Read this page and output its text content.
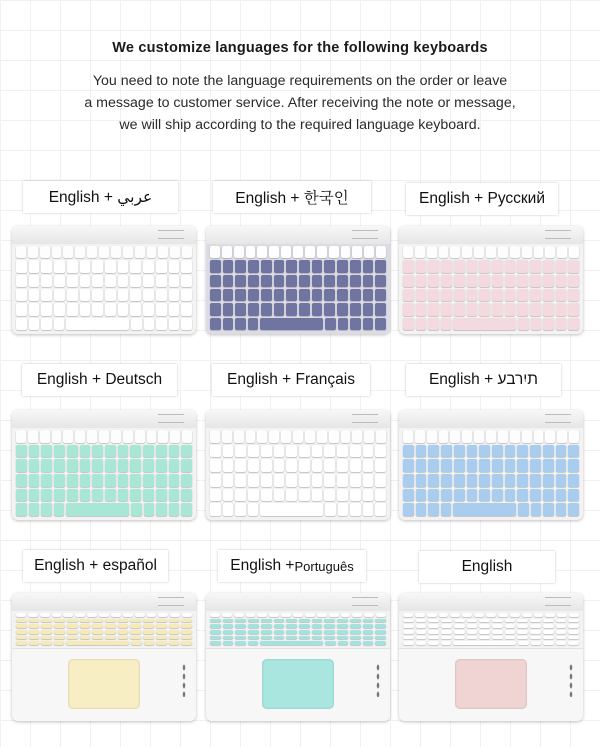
We customize languages for the following keyboards
You need to note the language requirements on the order or leave
a message to customer service. After receiving the note or message,
we will ship according to the required language keyboard.
English + عربي	English + 한국인	English + Русский
English + Deutsch	English + Français	English + תיִרבע
English + español	English + Português	English
